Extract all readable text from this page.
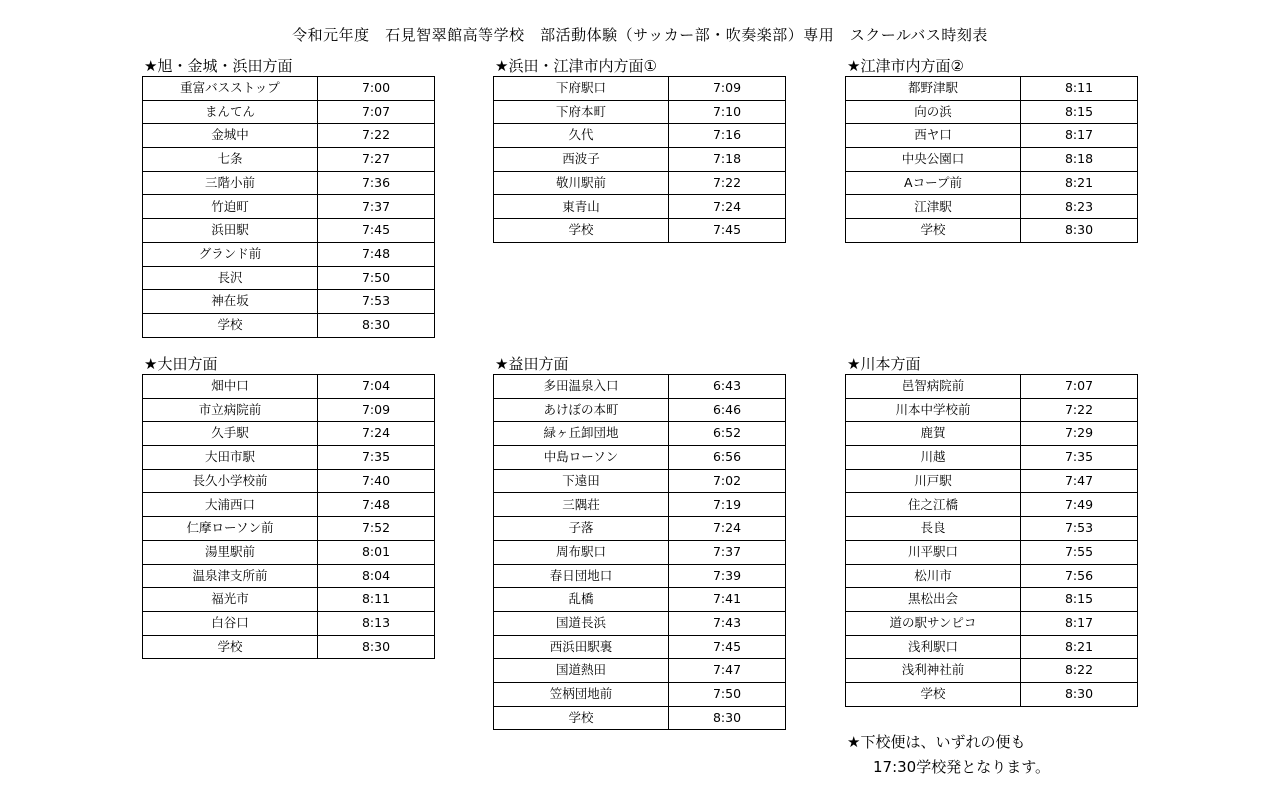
令和元年度　石見智翠館高等学校　部活動体験（サッカー部・吹奏楽部）専用　スクールバス時刻表
★旭・金城・浜田方面
重富バスストップ	7:00
まんてん	7:07
金城中	7:22
七条	7:27
三階小前	7:36
竹迫町	7:37
浜田駅	7:45
グランド前	7:48
長沢	7:50
神在坂	7:53
学校	8:30
★浜田・江津市内方面①
下府駅口	7:09
下府本町	7:10
久代	7:16
西波子	7:18
敬川駅前	7:22
東青山	7:24
学校	7:45
★江津市内方面②
都野津駅	8:11
向の浜	8:15
西ヤ口	8:17
中央公園口	8:18
Aコープ前	8:21
江津駅	8:23
学校	8:30
★大田方面
畑中口	7:04
市立病院前	7:09
久手駅	7:24
大田市駅	7:35
長久小学校前	7:40
大浦西口	7:48
仁摩ローソン前	7:52
湯里駅前	8:01
温泉津支所前	8:04
福光市	8:11
白谷口	8:13
学校	8:30
★益田方面
多田温泉入口	6:43
あけぼの本町	6:46
緑ヶ丘卸団地	6:52
中島ローソン	6:56
下遠田	7:02
三隅荘	7:19
子落	7:24
周布駅口	7:37
春日団地口	7:39
乱橋	7:41
国道長浜	7:43
西浜田駅裏	7:45
国道熱田	7:47
笠柄団地前	7:50
学校	8:30
★川本方面
邑智病院前	7:07
川本中学校前	7:22
鹿賀	7:29
川越	7:35
川戸駅	7:47
住之江橋	7:49
長良	7:53
川平駅口	7:55
松川市	7:56
黒松出会	8:15
道の駅サンピコ	8:17
浅利駅口	8:21
浅利神社前	8:22
学校	8:30
★下校便は、いずれの便も
17:30学校発となります。
